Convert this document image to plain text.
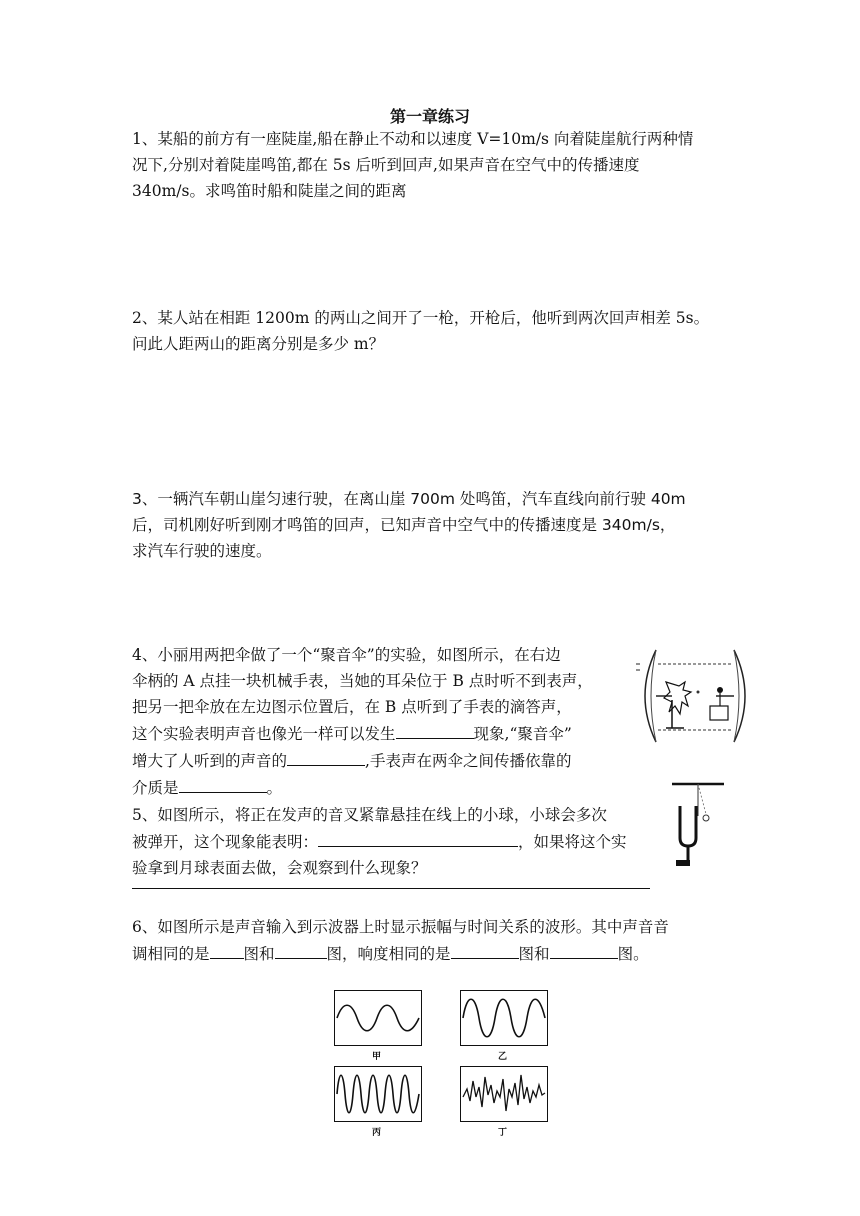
第一章练习
1、某船的前方有一座陡崖,船在静止不动和以速度 V=10m/s 向着陡崖航行两种情
况下,分别对着陡崖鸣笛,都在 5s 后听到回声,如果声音在空气中的传播速度
340m/s。求鸣笛时船和陡崖之间的距离
2、某人站在相距 1200m 的两山之间开了一枪，开枪后，他听到两次回声相差 5s。
问此人距两山的距离分别是多少 m？
3、一辆汽车朝山崖匀速行驶，在离山崖 700m 处鸣笛，汽车直线向前行驶 40m
后，司机刚好听到刚才鸣笛的回声，已知声音中空气中的传播速度是 340m/s，
求汽车行驶的速度。
4、小丽用两把伞做了一个“聚音伞”的实验，如图所示，在右边
伞柄的 A 点挂一块机械手表，当她的耳朵位于 B 点时听不到表声，
把另一把伞放在左边图示位置后，在 B 点听到了手表的滴答声，
这个实验表明声音也像光一样可以发生	现象,“聚音伞”
增大了人听到的声音的	,手表声在两伞之间传播依靠的
介质是	。
5、如图所示，将正在发声的音叉紧靠悬挂在线上的小球，小球会多次
被弹开，这个现象能表明：	，如果将这个实
验拿到月球表面去做，会观察到什么现象？
6、如图所示是声音输入到示波器上时显示振幅与时间关系的波形。其中声音音
调相同的是 图和	图，响度相同的是	图和	图。
甲	乙
丙	丁
